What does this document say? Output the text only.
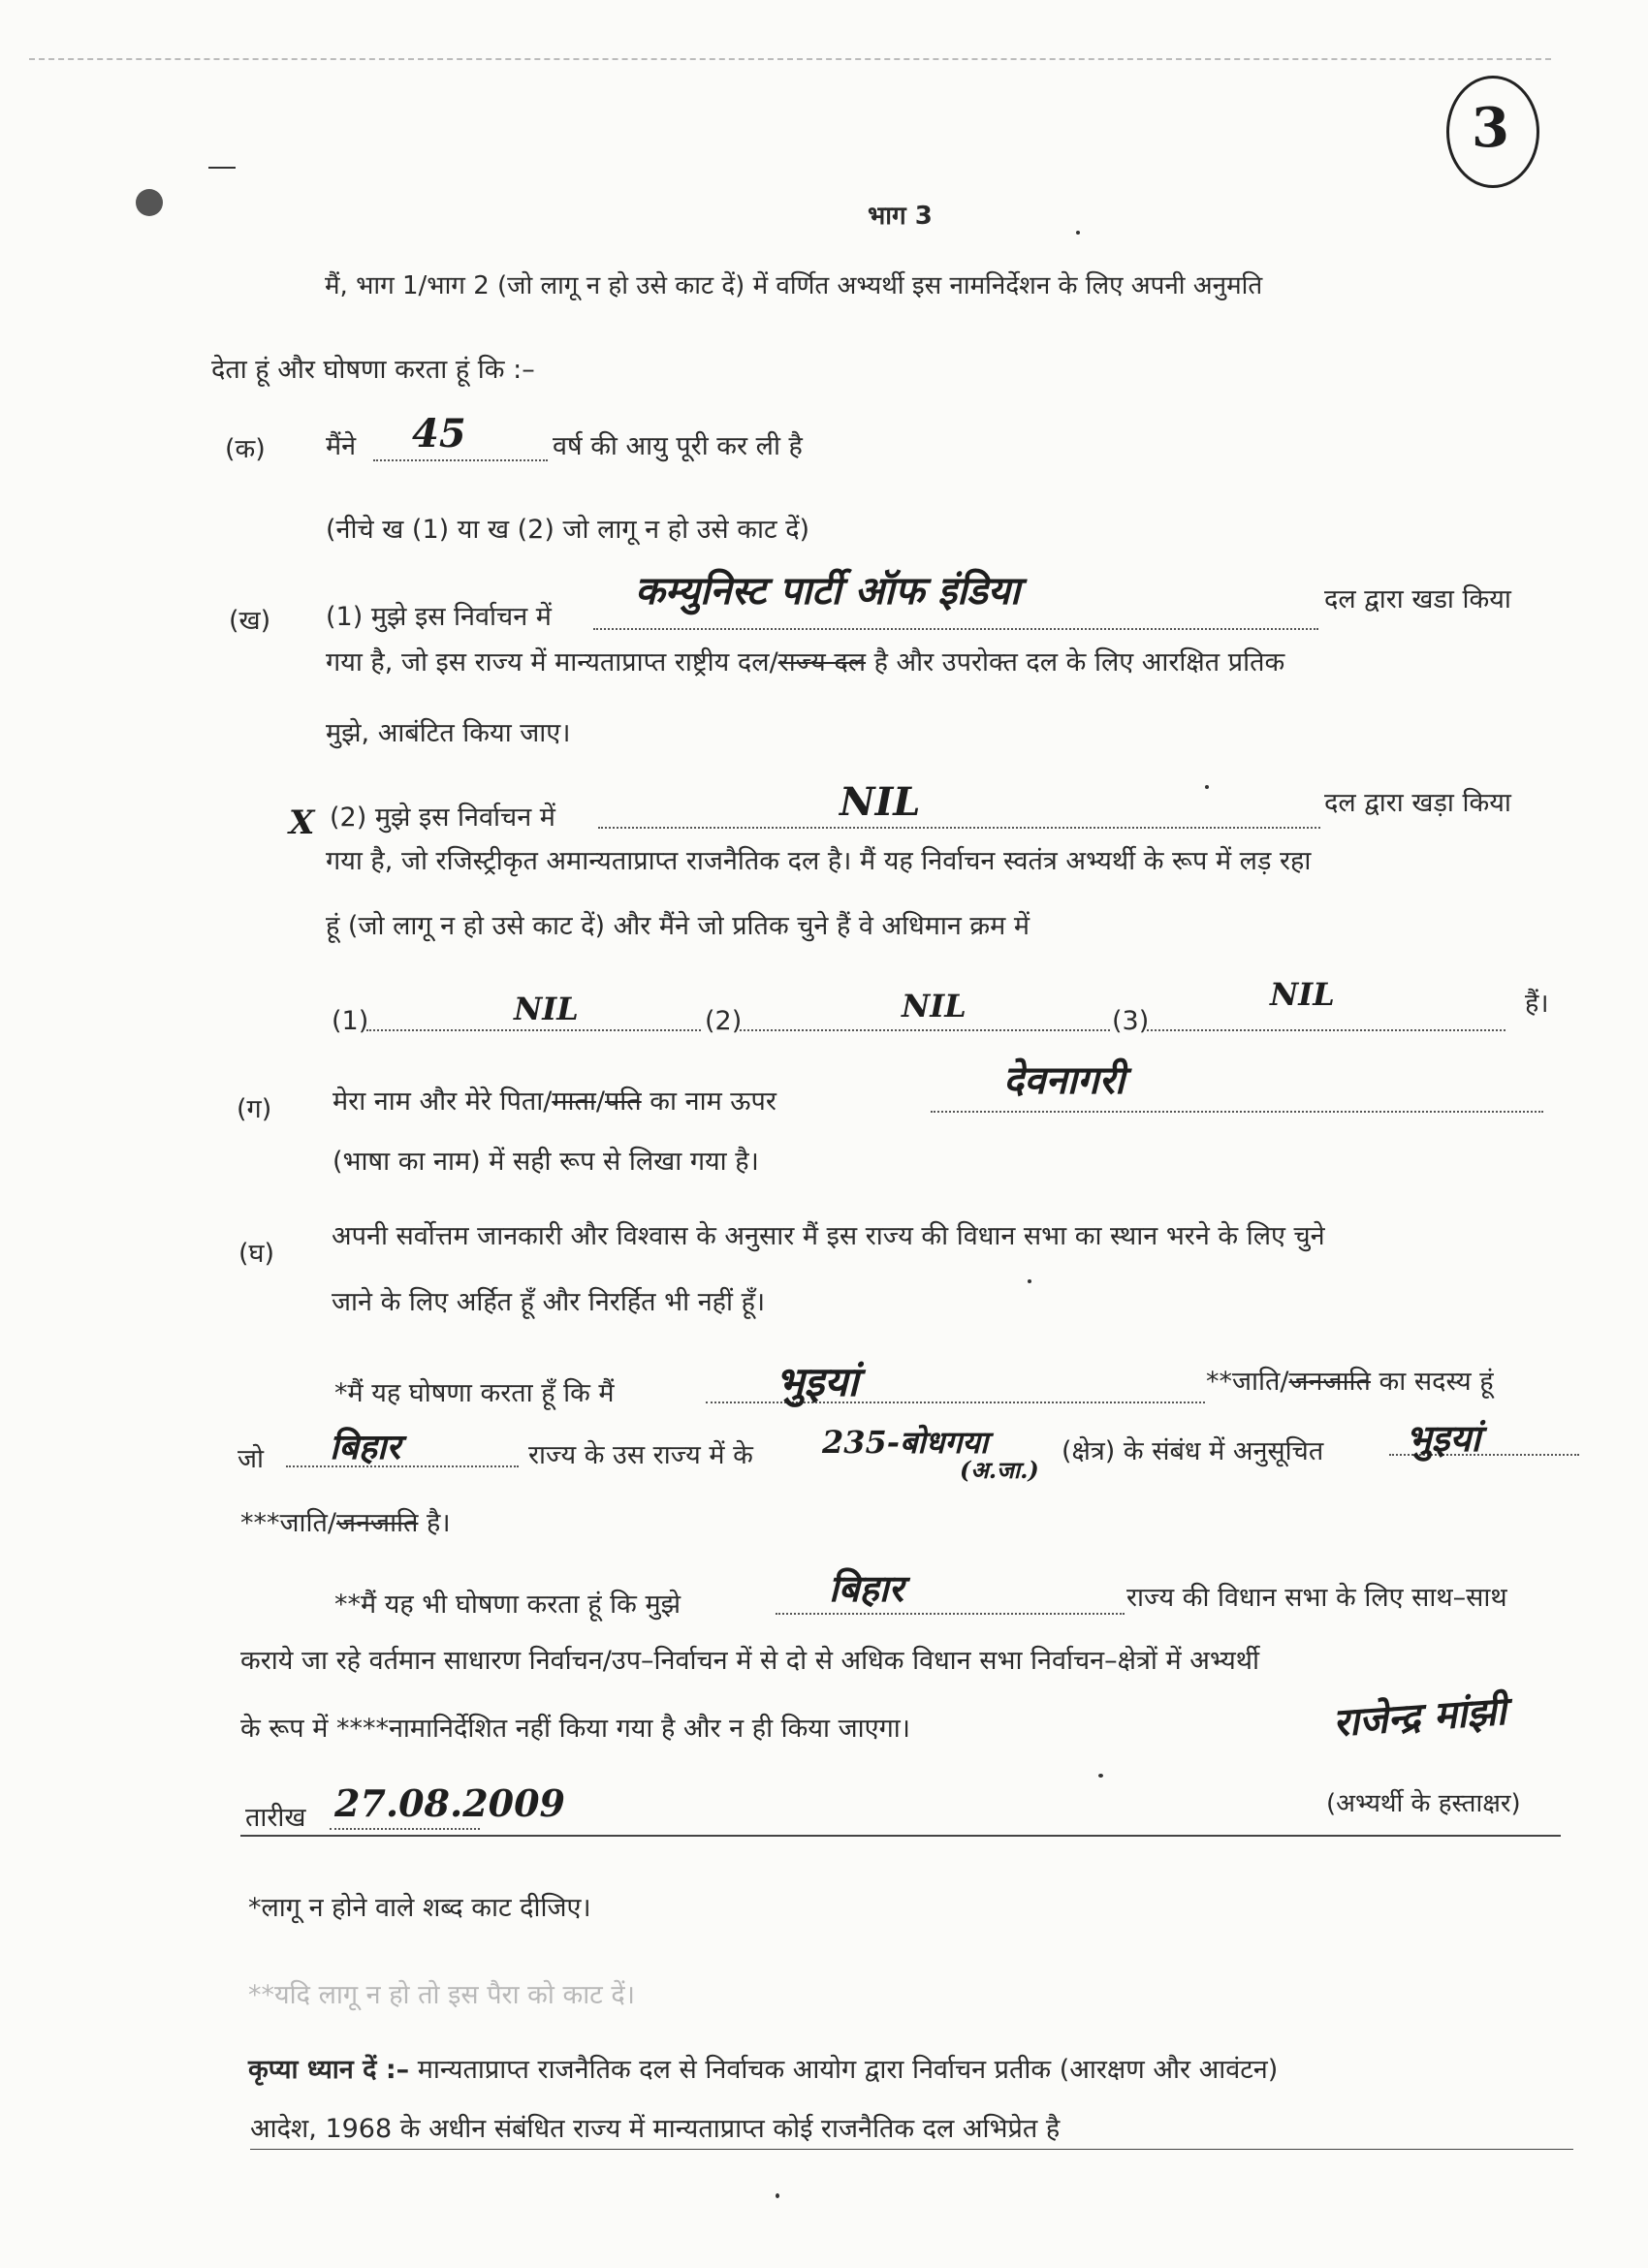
3
भाग 3
मैं, भाग 1/भाग 2 (जो लागू न हो उसे काट दें) में वर्णित अभ्यर्थी इस नामनिर्देशन के लिए अपनी अनुमति
देता हूं और घोषणा करता हूं कि :–
(क) मैंने 45	वर्ष की आयु पूरी कर ली है
(नीचे ख (1) या ख (2) जो लागू न हो उसे काट दें)
(ख) (1) मुझे इस निर्वाचन में
कम्युनिस्ट पार्टी ऑफ इंडिया	दल द्वारा खडा किया
गया है, जो इस राज्य में मान्यताप्राप्त राष्ट्रीय दल/राज्य दल है और उपरोक्त दल के लिए आरक्षित प्रतिक
मुझे, आबंटित किया जाए।
X (2) मुझे इस निर्वाचन में	NIL	दल द्वारा खड़ा किया
गया है, जो रजिस्ट्रीकृत अमान्यताप्राप्त राजनैतिक दल है। मैं यह निर्वाचन स्वतंत्र अभ्यर्थी के रूप में लड़ रहा
हूं (जो लागू न हो उसे काट दें) और मैंने जो प्रतिक चुने हैं वे अधिमान क्रम में
(1)	NIL	(2)	NIL	(3)
NIL	हैं।
(ग) मेरा नाम और मेरे पिता/माता/पति का नाम ऊपर	देवनागरी
(भाषा का नाम) में सही रूप से लिखा गया है।
(घ)
अपनी सर्वोत्तम जानकारी और विश्वास के अनुसार मैं इस राज्य की विधान सभा का स्थान भरने के लिए चुने
जाने के लिए अर्हित हूँ और निरर्हित भी नहीं हूँ।
*मैं यह घोषणा करता हूँ कि मैं	भुइयां	**जाति/जनजाति का सदस्य हूं
जो बिहार	राज्य के उस राज्य में के 235-बोधगया
(अ.जा.)
(क्षेत्र) के संबंध में अनुसूचित भुइयां
***जाति/जनजाति है।
**मैं यह भी घोषणा करता हूं कि मुझे	बिहार	राज्य की विधान सभा के लिए साथ–साथ
कराये जा रहे वर्तमान साधारण निर्वाचन/उप–निर्वाचन में से दो से अधिक विधान सभा निर्वाचन–क्षेत्रों में अभ्यर्थी
के रूप में ****नामानिर्देशित नहीं किया गया है और न ही किया जाएगा।	राजेन्द्र मांझी
तारीख 27.08.2009	(अभ्यर्थी के हस्ताक्षर)
*लागू न होने वाले शब्द काट दीजिए।
**यदि लागू न हो तो इस पैरा को काट दें।
कृप्या ध्यान दें :– मान्यताप्राप्त राजनैतिक दल से निर्वाचक आयोग द्वारा निर्वाचन प्रतीक (आरक्षण और आवंटन)
आदेश, 1968 के अधीन संबंधित राज्य में मान्यताप्राप्त कोई राजनैतिक दल अभिप्रेत है
